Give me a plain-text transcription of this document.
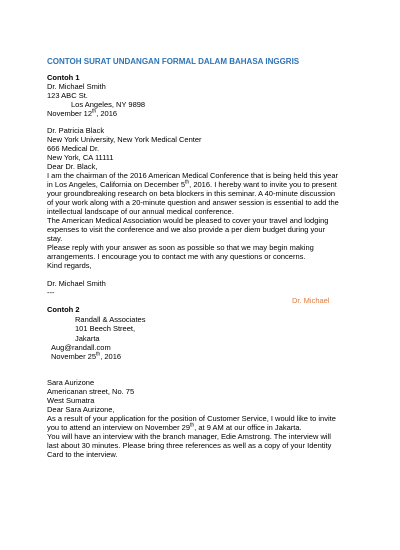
CONTOH SURAT UNDANGAN FORMAL DALAM BAHASA INGGRIS
Contoh 1
Dr. Michael Smith
123 ABC St.
Los Angeles, NY 9898
November 12th, 2016
Dr. Patricia Black
New York University, New York Medical Center
666 Medical Dr.
New York, CA 11111
Dear Dr. Black,
I am the chairman of the 2016 American Medical Conference that is being held this year
in Los Angeles, California on December 5th, 2016. I hereby want to invite you to present
your groundbreaking research on beta blockers in this seminar. A 40-minute discussion
of your work along with a 20-minute question and answer session is essential to add the
intellectual landscape of our annual medical conference.
The American Medical Association would be pleased to cover your travel and lodging
expenses to visit the conference and we also provide a per diem budget during your
stay.
Please reply with your answer as soon as possible so that we may begin making
arrangements. I encourage you to contact me with any questions or concerns.
Kind regards,
Dr. Michael Smith
---
Dr. Michael
Contoh 2
Randall & Associates
101 Beech Street,
Jakarta
Aug@randall.com
November 25th, 2016
Sara Aurizone
Americanan street, No. 75
West Sumatra
Dear Sara Aurizone,
As a result of your application for the position of Customer Service, I would like to invite
you to attend an interview on November 29th, at 9 AM at our office in Jakarta.
You will have an interview with the branch manager, Edie Amstrong. The interview will
last about 30 minutes. Please bring three references as well as a copy of your Identity
Card to the interview.
